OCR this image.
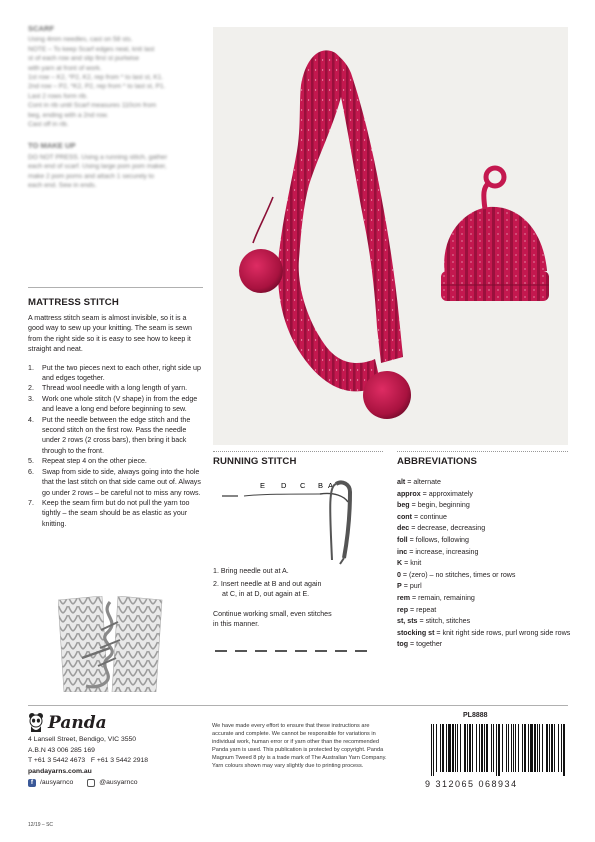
SCARF

Using 4mm needles, cast on 58 sts.

NOTE – To keep Scarf edges neat, knit last

st of each row and slip first st purlwise

with yarn at front of work.

1st row – K2, *P2, K2, rep from * to last st, K1.

2nd row – P2, *K2, P2, rep from * to last st, P1.

Last 2 rows form rib.

Cont in rib until Scarf measures 110cm from

beg, ending with a 2nd row.

Cast off in rib.

TO MAKE UP

DO NOT PRESS. Using a running stitch, gather

each end of scarf. Using large pom pom maker,

make 2 pom poms and attach 1 securely to

each end. Sew in ends.

MATTRESS STITCH

A mattress stitch seam is almost invisible, so it is a good way to sew up your knitting. The seam is sewn from the right side so it is easy to see how to keep it straight and neat.

1. Put the two pieces next to each other, right side up and edges together.
2. Thread wool needle with a long length of yarn.
3. Work one whole stitch (V shape) in from the edge and leave a long end before beginning to sew.
4. Put the needle between the edge stitch and the second stitch on the first row. Pass the needle under 2 rows (2 cross bars), then bring it back through to the front.
5. Repeat step 4 on the other piece.
6. Swap from side to side, always going into the hole that the last stitch on that side came out of. Always go under 2 rows – be careful not to miss any rows.
7. Keep the seam firm but do not pull the yarn too tightly – the seam should be as elastic as your knitting.
RUNNING STITCH
E D C B A

1. Bring needle out at A.

2. Insert needle at B and out again

at C, in at D, out again at E.

Continue working small, even stitches in this manner.

ABBREVIATIONS
alt = alternate
approx = approximately
beg = begin, beginning
cont = continue
dec = decrease, decreasing
foll = follows, following
inc = increase, increasing
K = knit
0 = (zero) – no stitches, times or rows
P = purl
rem = remain, remaining
rep = repeat
st, sts = stitch, stitches
stocking st = knit right side rows, purl wrong side rows
tog = together
Panda

4 Lansell Street, Bendigo, VIC 3550

A.B.N 43 006 285 169

T +61 3 5442 4673 F +61 3 5442 2918

pandayarns.com.au

f	/ausyarnco	@ausyarnco
We have made every effort to ensure that these instructions are accurate and complete. We cannot be responsible for variations in individual work, human error or if yarn other than the recommended Panda yarn is used. This publication is protected by copyright. Panda Magnum Tweed 8 ply is a trade mark of The Australian Yarn Company. Yarn colours shown may vary slightly due to printing process.
PL8888
9 312065 068934
12/19 – SC
